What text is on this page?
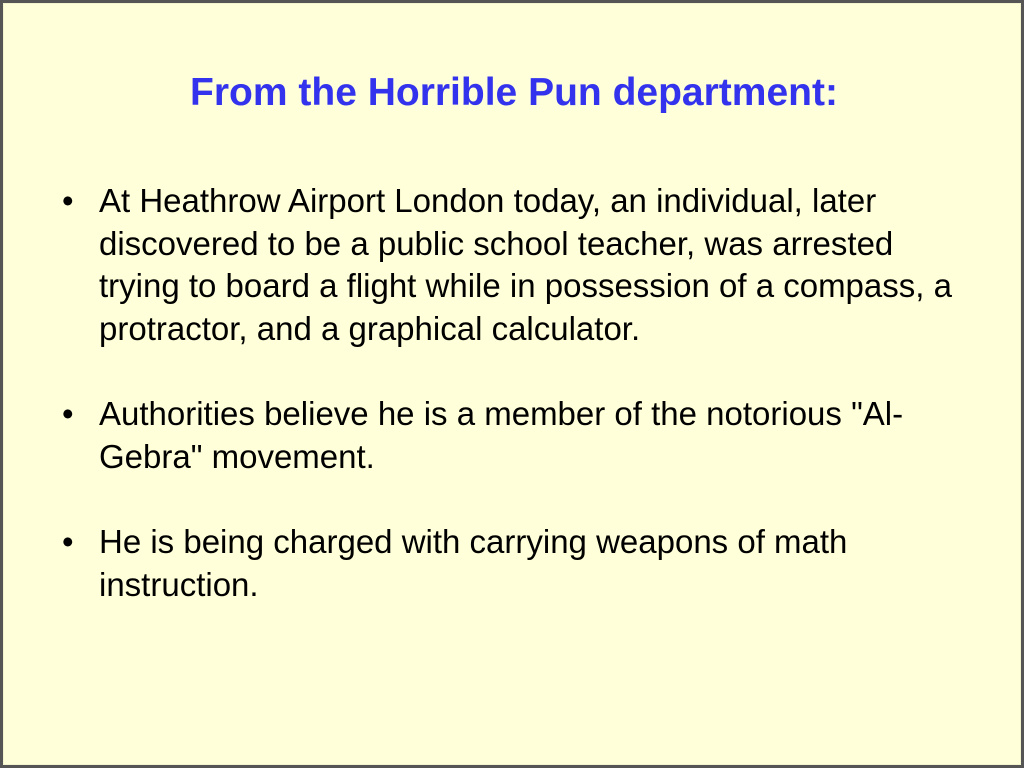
From the Horrible Pun department:
• At Heathrow Airport London today, an individual, later discovered to be a public school teacher, was arrested trying to board a flight while in possession of a compass, a protractor, and a graphical calculator.
• Authorities believe he is a member of the notorious "Al-Gebra" movement.
• He is being charged with carrying weapons of math instruction.
